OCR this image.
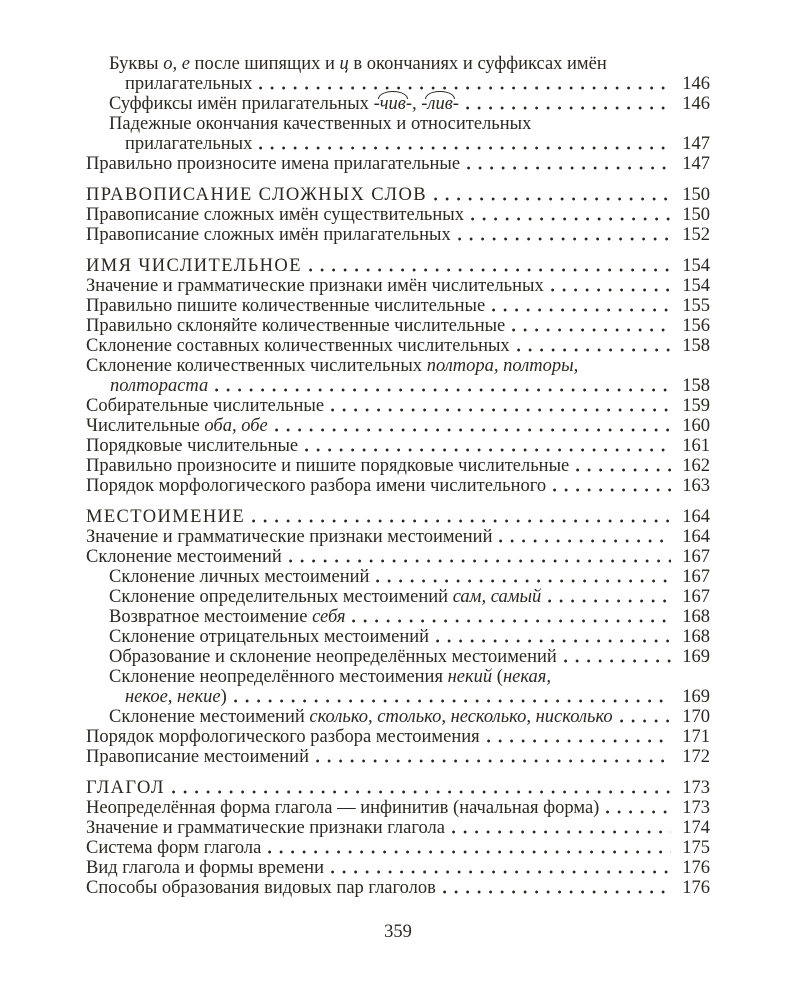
Буквы о, е после шипящих и ц в окончаниях и суффиксах имён
прилагательных	146
Суффиксы имён прилагательных -чив-, -лив-	146
Падежные окончания качественных и относительных
прилагательных	147
Правильно произносите имена прилагательные	147
ПРАВОПИСАНИЕ СЛОЖНЫХ СЛОВ	150
Правописание сложных имён существительных	150
Правописание сложных имён прилагательных	152
ИМЯ ЧИСЛИТЕЛЬНОЕ	154
Значение и грамматические признаки имён числительных	154
Правильно пишите количественные числительные	155
Правильно склоняйте количественные числительные	156
Склонение составных количественных числительных	158
Склонение количественных числительных полтора, полторы,
полтораста	158
Собирательные числительные	159
Числительные оба, обе	160
Порядковые числительные	161
Правильно произносите и пишите порядковые числительные	162
Порядок морфологического разбора имени числительного	163
МЕСТОИМЕНИЕ	164
Значение и грамматические признаки местоимений	164
Склонение местоимений	167
Склонение личных местоимений	167
Склонение определительных местоимений сам, самый	167
Возвратное местоимение себя	168
Склонение отрицательных местоимений	168
Образование и склонение неопределённых местоимений	169
Склонение неопределённого местоимения некий (некая,
некое, некие)	169
Склонение местоимений сколько, столько, несколько, нисколько	170
Порядок морфологического разбора местоимения	171
Правописание местоимений	172
ГЛАГОЛ	173
Неопределённая форма глагола — инфинитив (начальная форма)	173
Значение и грамматические признаки глагола	174
Система форм глагола	175
Вид глагола и формы времени	176
Способы образования видовых пар глаголов	176
359
